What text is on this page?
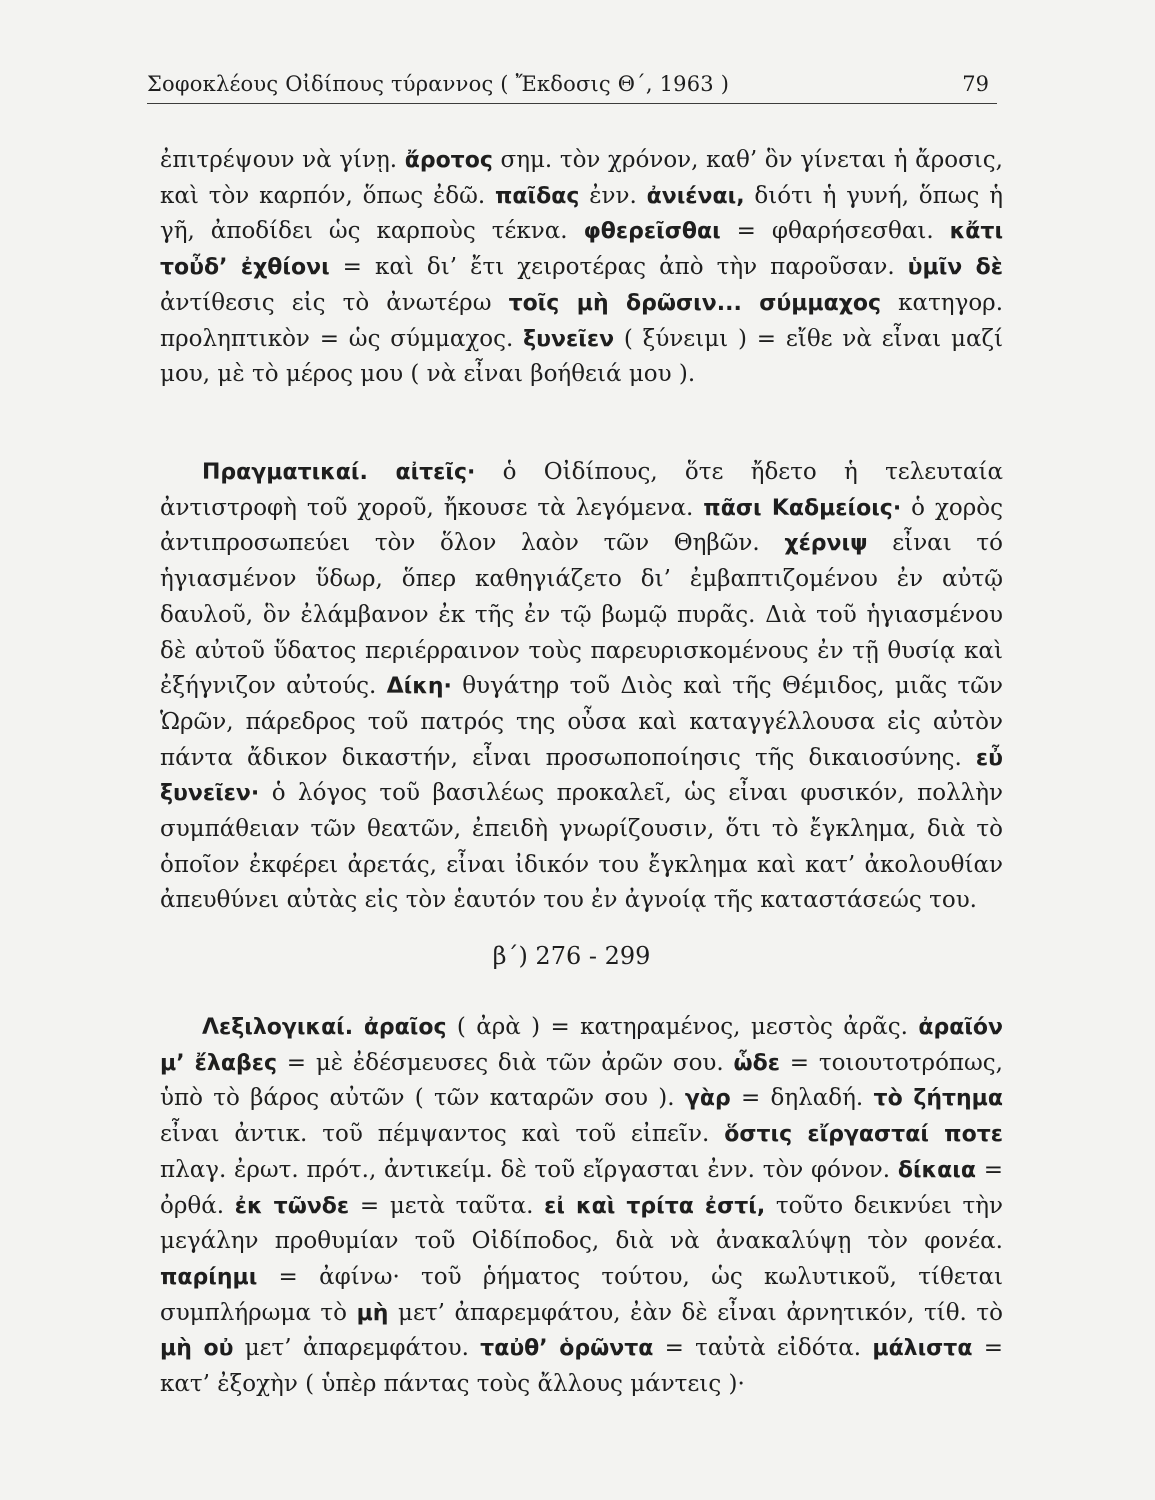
Σοφοκλέους Οἰδίπους τύραννος ( Ἔκδοσις Θ΄, 1963 )	79
ἐπιτρέψουν νὰ γίνῃ. ἄροτος σημ. τὸν χρόνον, καθ’ ὃν γίνεται ἡ ἄροσις, καὶ τὸν καρπόν, ὅπως ἐδῶ. παῖδας ἐνν. ἀνιέναι, διότι ἡ γυνή, ὅπως ἡ γῆ, ἀποδίδει ὡς καρποὺς τέκνα. φθερεῖσθαι = φθαρήσεσθαι. κἄτι τοὖδ’ ἐχθίονι = καὶ δι’ ἔτι χειροτέρας ἀπὸ τὴν παροῦσαν. ὑμῖν δὲ ἀντίθεσις εἰς τὸ ἀνωτέρω τοῖς μὴ δρῶσιν... σύμμαχος κατηγορ. προληπτικὸν = ὡς σύμμαχος. ξυνεῖεν ( ξύνειμι ) = εἴθε νὰ εἶναι μαζί μου, μὲ τὸ μέρος μου ( νὰ εἶναι βοήθειά μου ).
Πραγματικαί. αἰτεῖς· ὁ Οἰδίπους, ὅτε ἤδετο ἡ τελευταία ἀντιστροφὴ τοῦ χοροῦ, ἤκουσε τὰ λεγόμενα. πᾶσι Καδμείοις· ὁ χορὸς ἀντιπροσωπεύει τὸν ὅλον λαὸν τῶν Θηβῶν. χέρνιψ εἶναι τό ἡγιασμένον ὕδωρ, ὅπερ καθηγιάζετο δι’ ἐμβαπτιζομένου ἐν αὐτῷ δαυλοῦ, ὃν ἐλάμβανον ἐκ τῆς ἐν τῷ βωμῷ πυρᾶς. Διὰ τοῦ ἡγιασμένου δὲ αὐτοῦ ὕδατος περιέρραινον τοὺς παρευρισκομένους ἐν τῇ θυσίᾳ καὶ ἐξήγνιζον αὐτούς. Δίκη· θυγάτηρ τοῦ Διὸς καὶ τῆς Θέμιδος, μιᾶς τῶν Ὡρῶν, πάρεδρος τοῦ πατρός της οὖσα καὶ καταγγέλλουσα εἰς αὐτὸν πάντα ἄδικον δικαστήν, εἶναι προσωποποίησις τῆς δικαιοσύνης. εὖ ξυνεῖεν· ὁ λόγος τοῦ βασιλέως προκαλεῖ, ὡς εἶναι φυσικόν, πολλὴν συμπάθειαν τῶν θεατῶν, ἐπειδὴ γνωρίζουσιν, ὅτι τὸ ἔγκλημα, διὰ τὸ ὁποῖον ἐκφέρει ἀρετάς, εἶναι ἰδικόν του ἔγκλημα καὶ κατ’ ἀκολουθίαν ἀπευθύνει αὐτὰς εἰς τὸν ἑαυτόν του ἐν ἀγνοίᾳ τῆς καταστάσεώς του.
β΄) 276 - 299
Λεξιλογικαί. ἀραῖος ( ἀρὰ ) = κατηραμένος, μεστὸς ἀρᾶς. ἀραῖόν μ’ ἔλαβες = μὲ ἐδέσμευσες διὰ τῶν ἀρῶν σου. ὧδε = τοιουτοτρόπως, ὑπὸ τὸ βάρος αὐτῶν ( τῶν καταρῶν σου ). γὰρ = δηλαδή. τὸ ζήτημα εἶναι ἀντικ. τοῦ πέμψαντος καὶ τοῦ εἰπεῖν. ὅστις εἴργασταί ποτε πλαγ. ἐρωτ. πρότ., ἀντικείμ. δὲ τοῦ εἴργασται ἐνν. τὸν φόνον. δίκαια = ὀρθά. ἐκ τῶνδε = μετὰ ταῦτα. εἰ καὶ τρίτα ἐστί, τοῦτο δεικνύει τὴν μεγάλην προθυμίαν τοῦ Οἰδίποδος, διὰ νὰ ἀνακαλύψῃ τὸν φονέα. παρίημι = ἀφίνω· τοῦ ῥήματος τούτου, ὡς κωλυτικοῦ, τίθεται συμπλήρωμα τὸ μὴ μετ’ ἀπαρεμφάτου, ἐὰν δὲ εἶναι ἀρνητικόν, τίθ. τὸ μὴ οὐ μετ’ ἀπαρεμφάτου. ταὐθ’ ὁρῶντα = ταὐτὰ εἰδότα. μάλιστα = κατ’ ἐξοχὴν ( ὑπὲρ πάντας τοὺς ἄλλους μάντεις )·
